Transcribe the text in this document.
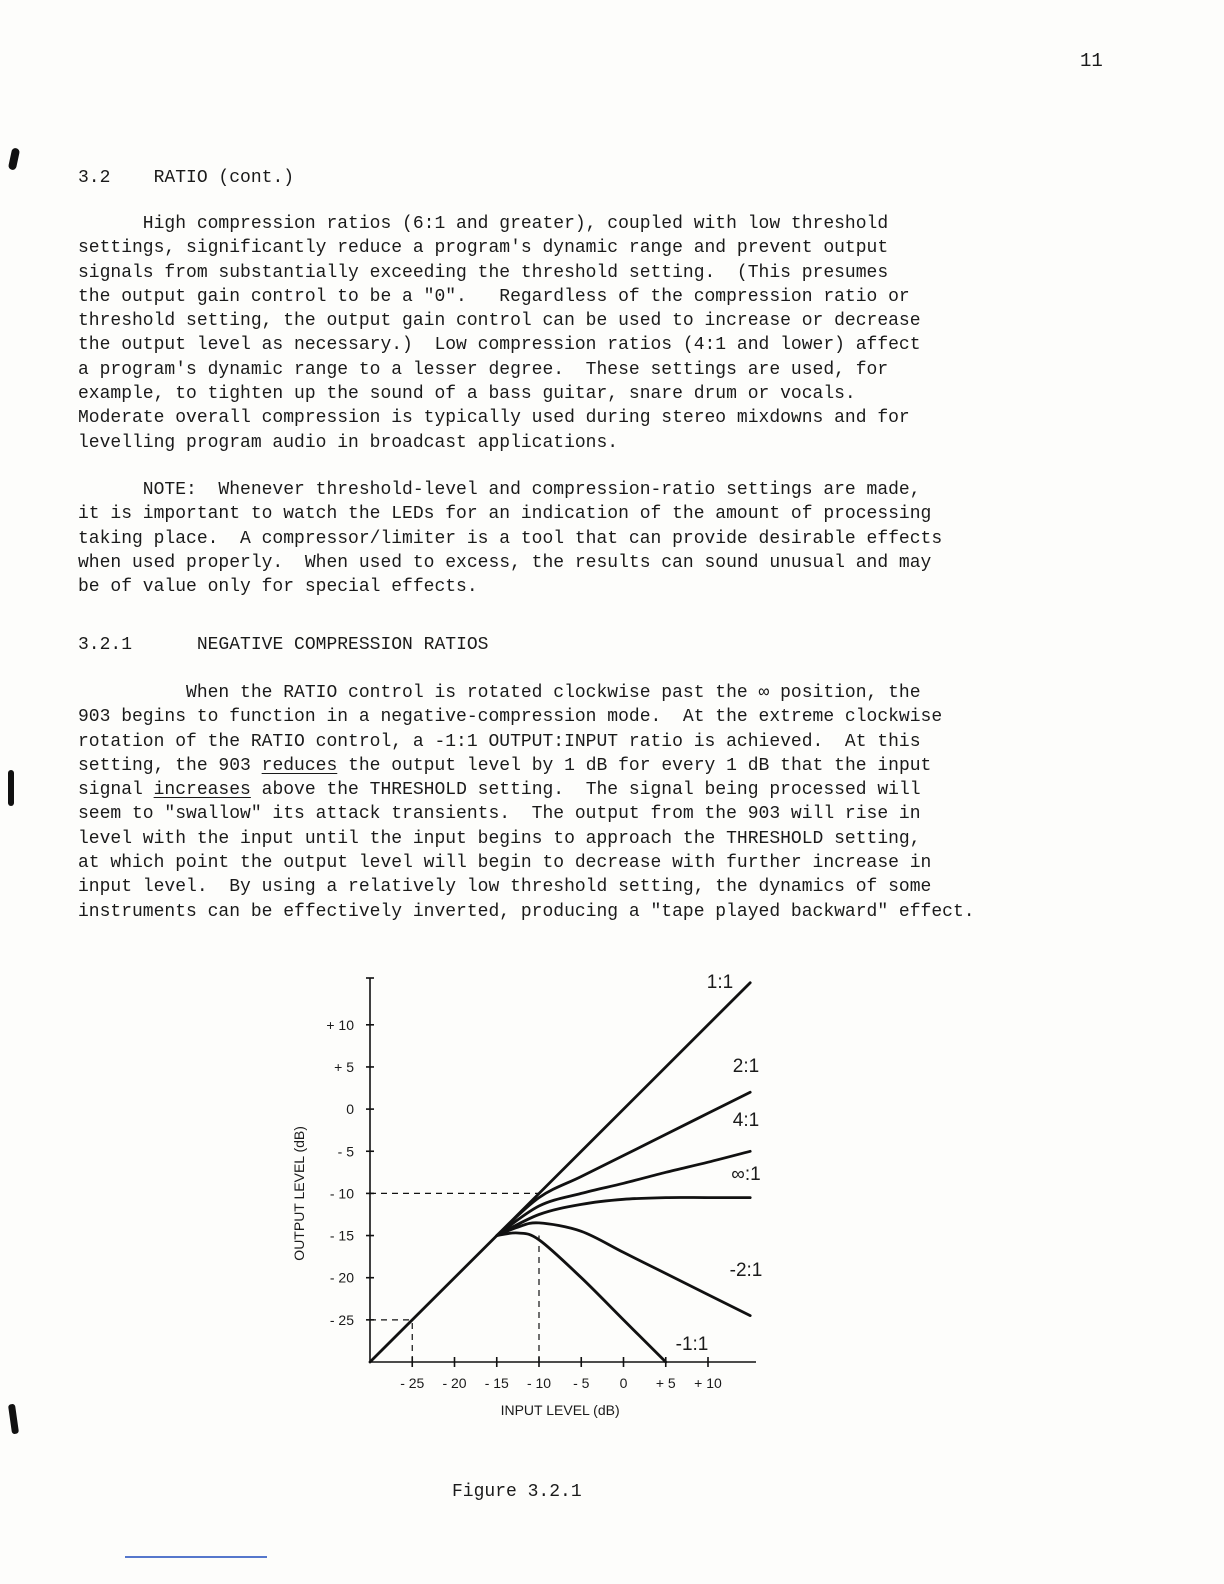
11
3.2 RATIO (cont.)
High compression ratios (6:1 and greater), coupled with low threshold
settings, significantly reduce a program's dynamic range and prevent output
signals from substantially exceeding the threshold setting.  (This presumes
the output gain control to be a "0".   Regardless of the compression ratio or
threshold setting, the output gain control can be used to increase or decrease
the output level as necessary.)  Low compression ratios (4:1 and lower) affect
a program's dynamic range to a lesser degree.  These settings are used, for
example, to tighten up the sound of a bass guitar, snare drum or vocals.
Moderate overall compression is typically used during stereo mixdowns and for
levelling program audio in broadcast applications.
NOTE:  Whenever threshold-level and compression-ratio settings are made,
it is important to watch the LEDs for an indication of the amount of processing
taking place.  A compressor/limiter is a tool that can provide desirable effects
when used properly.  When used to excess, the results can sound unusual and may
be of value only for special effects.
3.2.1	NEGATIVE COMPRESSION RATIOS
When the RATIO control is rotated clockwise past the ∞ position, the
903 begins to function in a negative-compression mode.  At the extreme clockwise
rotation of the RATIO control, a -1:1 OUTPUT:INPUT ratio is achieved.  At this
setting, the 903 reduces the output level by 1 dB for every 1 dB that the input
signal increases above the THRESHOLD setting.  The signal being processed will
seem to "swallow" its attack transients.  The output from the 903 will rise in
level with the input until the input begins to approach the THRESHOLD setting,
at which point the output level will begin to decrease with further increase in
input level.  By using a relatively low threshold setting, the dynamics of some
instruments can be effectively inverted, producing a "tape played backward" effect.
+ 10
+ 5
0
- 5
- 10
- 15
- 20
- 25
- 25 - 20 - 15 - 10 - 5 0 + 5 + 10
INPUT LEVEL (dB)
OUTPUT LEVEL (dB)
1:1
2:1
4:1
∞:1
-2:1
-1:1
Figure 3.2.1
